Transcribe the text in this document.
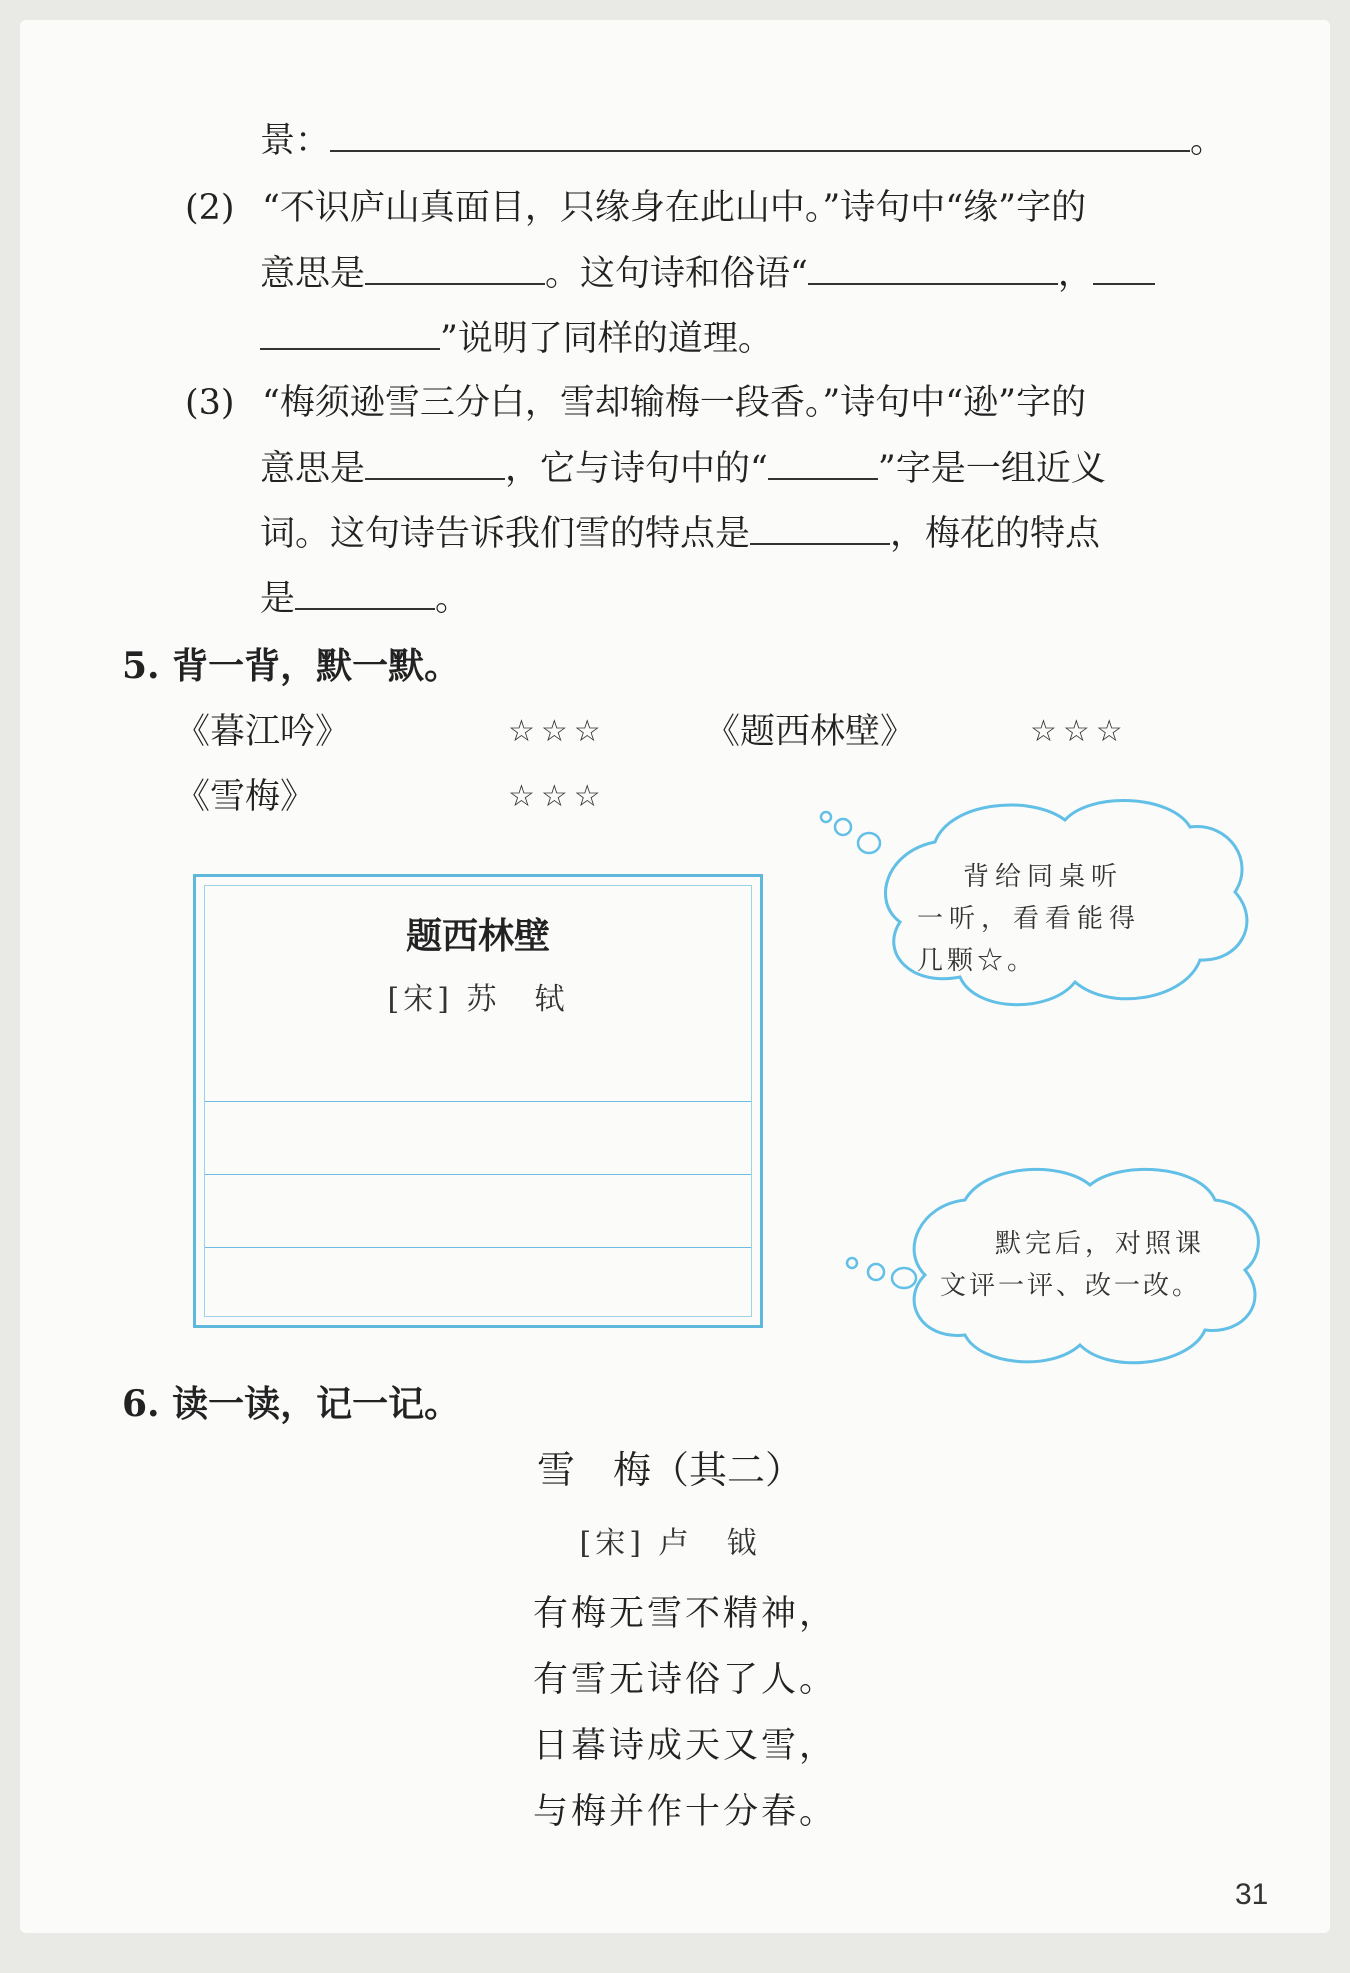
景：	。
(2) “不识庐山真面目，只缘身在此山中。”诗句中“缘”字的
意思是	。这句诗和俗语“	，
”说明了同样的道理。
(3) “梅须逊雪三分白，雪却输梅一段香。”诗句中“逊”字的
意思是	，它与诗句中的“	”字是一组近义
词。这句诗告诉我们雪的特点是	，梅花的特点
是	。
5. 背一背，默一默。
《暮江吟》	☆☆☆	《题西林壁》	☆☆☆
《雪梅》	☆☆☆
题西林壁
[宋] 苏　轼
背给同桌听
一听，看看能得
几颗☆。
默完后，对照课
文评一评、改一改。
6. 读一读，记一记。
雪　梅（其二）
[宋] 卢　钺
有梅无雪不精神，
有雪无诗俗了人。
日暮诗成天又雪，
与梅并作十分春。
31
